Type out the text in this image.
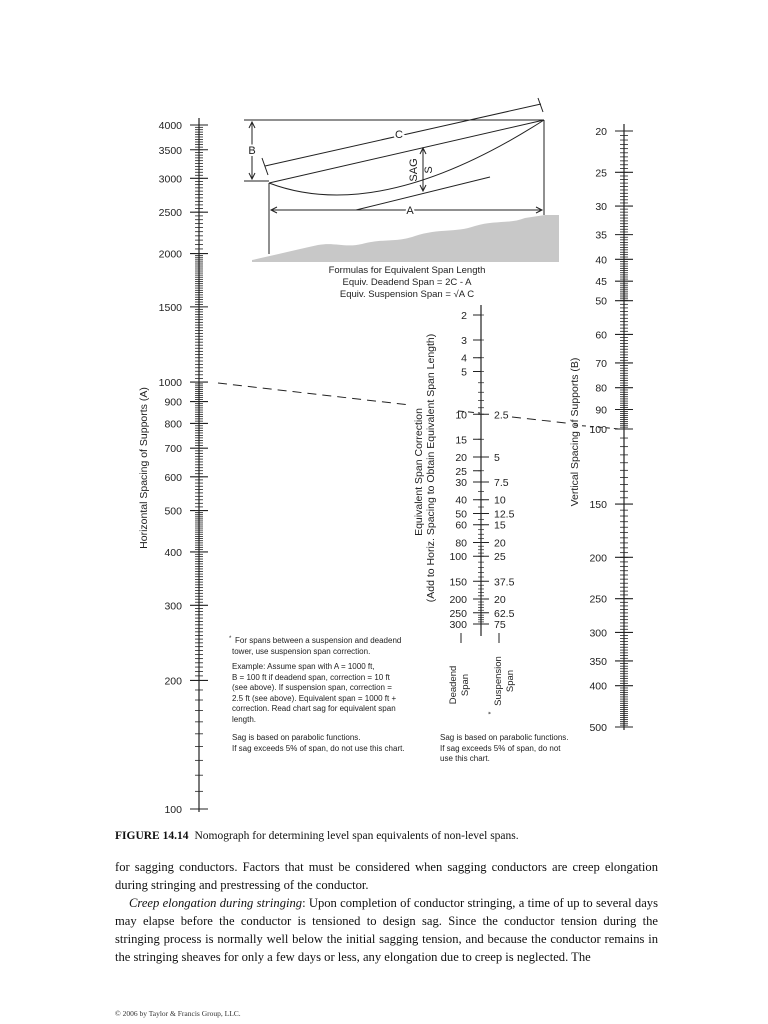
B
C
A
SAG S
Formulas for Equivalent Span Length
Equiv. Deadend Span = 2C - A
Equiv. Suspension Span = √A C
Horizontal Spacing of Supports (A)	Vertical Spacing of Supports (B)
Equivalent Span Correction (Add to Horiz. Spacing to Obtain Equivalent Span Length)
4000
3500
3000
2500
2000
1500
1000
900
800
700
600
500
400
300
200
100
20
25
30
35
40
45
50
60
70
80
90
100
150
200
250
300
350
400
500
2
3
4
5
10
15
20
25
30
40
50
60
80
100
150
200
250
300
2.5
5
7.5
10
12.5
15
20
25
37.5
20
62.5
75
Deadend Span
*
Suspension Span
* For spans between a suspension and deadend
tower, use suspension span correction.
Example: Assume span with A = 1000 ft,
B = 100 ft if deadend span, correction = 10 ft
(see above). If suspension span, correction =
2.5 ft (see above). Equivalent span = 1000 ft +
correction. Read chart sag for equivalent span
length.
Sag is based on parabolic functions.
If sag exceeds 5% of span, do not use this chart.
Sag is based on parabolic functions.
If sag exceeds 5% of span, do not
use this chart.
FIGURE 14.14 Nomograph for determining level span equivalents of non-level spans.

for sagging conductors. Factors that must be considered when sagging conductors are creep elongation during stringing and prestressing of the conductor.

Creep elongation during stringing: Upon completion of conductor stringing, a time of up to several days may elapse before the conductor is tensioned to design sag. Since the conductor tension during the stringing process is normally well below the initial sagging tension, and because the conductor remains in the stringing sheaves for only a few days or less, any elongation due to creep is neglected. The

© 2006 by Taylor & Francis Group, LLC.
